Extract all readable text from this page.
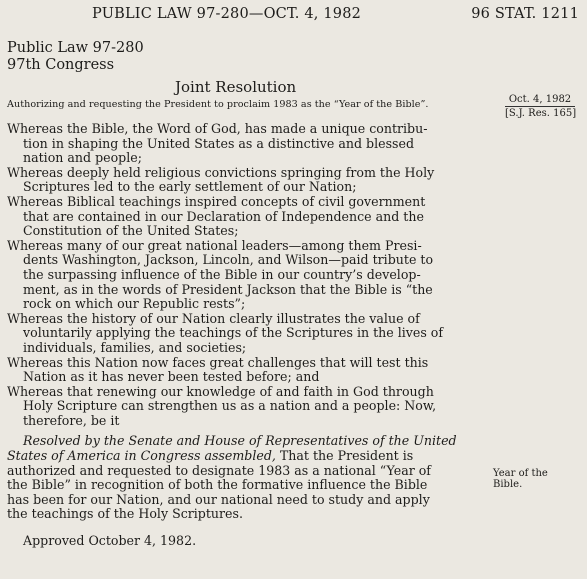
PUBLIC LAW 97-280—OCT. 4, 1982	96 STAT. 1211
Public Law 97-280
97th Congress
Joint Resolution
Authorizing and requesting the President to proclaim 1983 as the “Year of the Bible”.	Oct. 4, 1982
[S.J. Res. 165]

Whereas the Bible, the Word of God, has made a unique contribu-
tion in shaping the United States as a distinctive and blessed
nation and people;

Whereas deeply held religious convictions springing from the Holy
Scriptures led to the early settlement of our Nation;

Whereas Biblical teachings inspired concepts of civil government
that are contained in our Declaration of Independence and the
Constitution of the United States;

Whereas many of our great national leaders—among them Presi-
dents Washington, Jackson, Lincoln, and Wilson—paid tribute to
the surpassing influence of the Bible in our country’s develop-
ment, as in the words of President Jackson that the Bible is “the
rock on which our Republic rests”;

Whereas the history of our Nation clearly illustrates the value of
voluntarily applying the teachings of the Scriptures in the lives of
individuals, families, and societies;

Whereas this Nation now faces great challenges that will test this
Nation as it has never been tested before; and

Whereas that renewing our knowledge of and faith in God through
Holy Scripture can strengthen us as a nation and a people: Now,
therefore, be it

Resolved by the Senate and House of Representatives of the United
States of America in Congress assembled, That the President is
authorized and requested to designate 1983 as a national “Year of
the Bible” in recognition of both the formative influence the Bible
has been for our Nation, and our national need to study and apply
the teachings of the Holy Scriptures.

Approved October 4, 1982.

Year of the
Bible.
